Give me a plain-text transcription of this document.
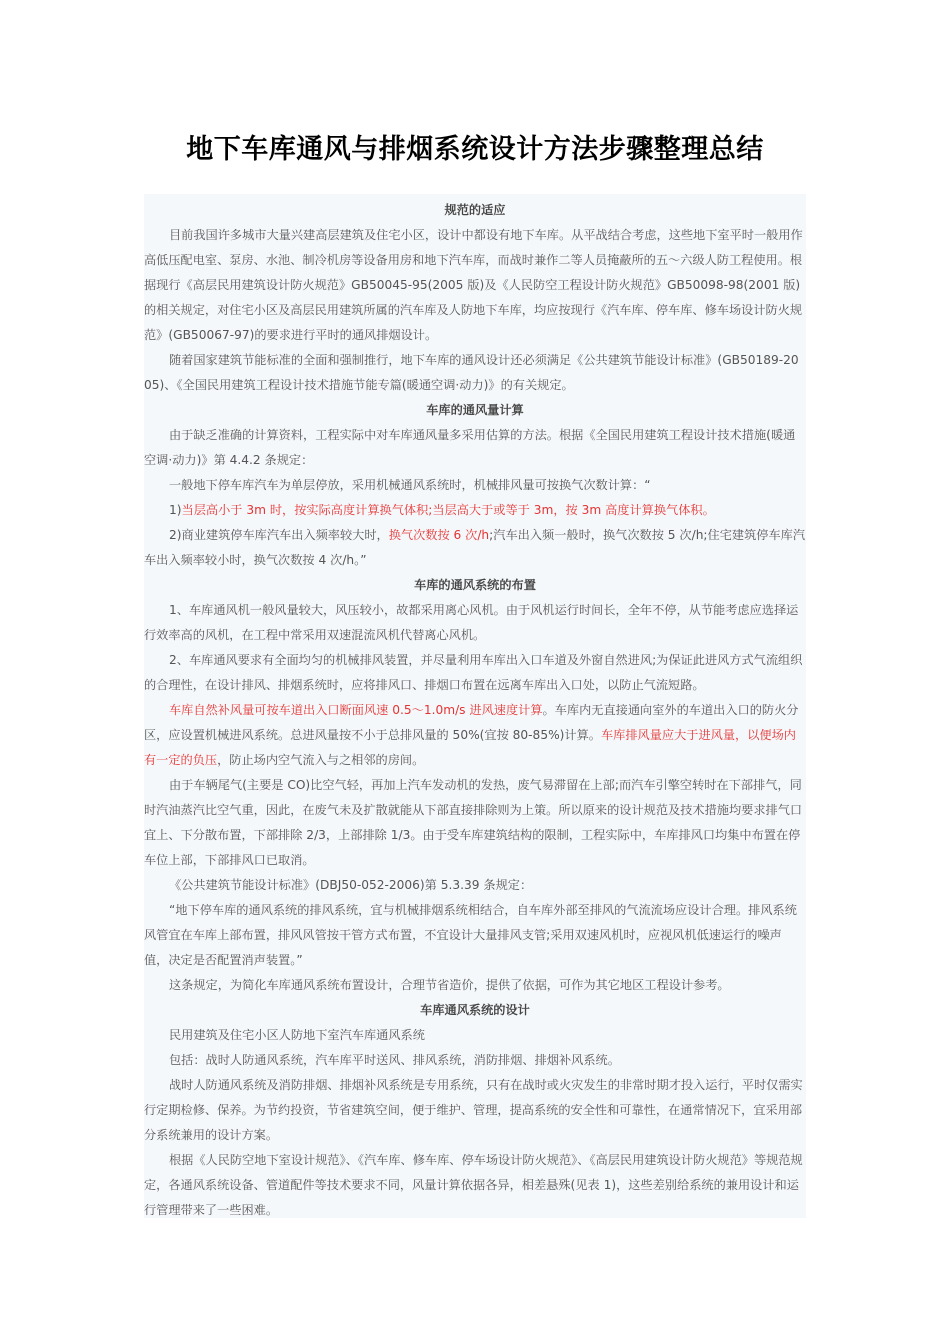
地下车库通风与排烟系统设计方法步骤整理总结
规范的适应

目前我国许多城市大量兴建高层建筑及住宅小区，设计中都设有地下车库。从平战结合考虑，这些地下室平时一般用作高低压配电室、泵房、水池、制冷机房等设备用房和地下汽车库，而战时兼作二等人员掩蔽所的五～六级人防工程使用。根据现行《高层民用建筑设计防火规范》GB50045-95(2005 版)及《人民防空工程设计防火规范》GB50098-98(2001 版)的相关规定，对住宅小区及高层民用建筑所属的汽车库及人防地下车库，均应按现行《汽车库、停车库、修车场设计防火规范》(GB50067-97)的要求进行平时的通风排烟设计。

随着国家建筑节能标准的全面和强制推行，地下车库的通风设计还必须满足《公共建筑节能设计标准》(GB50189-2005)、《全国民用建筑工程设计技术措施节能专篇(暖通空调·动力)》的有关规定。

车库的通风量计算

由于缺乏准确的计算资料，工程实际中对车库通风量多采用估算的方法。根据《全国民用建筑工程设计技术措施(暖通空调·动力)》第 4.4.2 条规定：

一般地下停车库汽车为单层停放，采用机械通风系统时，机械排风量可按换气次数计算：“

1)当层高小于 3m 时，按实际高度计算换气体积;当层高大于或等于 3m，按 3m 高度计算换气体积。

2)商业建筑停车库汽车出入频率较大时，换气次数按 6 次/h;汽车出入频一般时，换气次数按 5 次/h;住宅建筑停车库汽车出入频率较小时，换气次数按 4 次/h。”

车库的通风系统的布置

1、车库通风机一般风量较大，风压较小，故都采用离心风机。由于风机运行时间长，全年不停，从节能考虑应选择运行效率高的风机，在工程中常采用双速混流风机代替离心风机。

2、车库通风要求有全面均匀的机械排风装置，并尽量利用车库出入口车道及外窗自然进风;为保证此进风方式气流组织的合理性，在设计排风、排烟系统时，应将排风口、排烟口布置在远离车库出入口处，以防止气流短路。

车库自然补风量可按车道出入口断面风速 0.5～1.0m/s 进风速度计算。车库内无直接通向室外的车道出入口的防火分区，应设置机械进风系统。总进风量按不小于总排风量的 50%(宜按 80-85%)计算。车库排风量应大于进风量，以便场内有一定的负压，防止场内空气流入与之相邻的房间。

由于车辆尾气(主要是 CO)比空气轻，再加上汽车发动机的发热，废气易滞留在上部;而汽车引擎空转时在下部排气，同时汽油蒸汽比空气重，因此，在废气未及扩散就能从下部直接排除则为上策。所以原来的设计规范及技术措施均要求排气口宜上、下分散布置，下部排除 2/3，上部排除 1/3。由于受车库建筑结构的限制，工程实际中，车库排风口均集中布置在停车位上部，下部排风口已取消。

《公共建筑节能设计标准》(DBJ50-052-2006)第 5.3.39 条规定：

“地下停车库的通风系统的排风系统，宜与机械排烟系统相结合，自车库外部至排风的气流流场应设计合理。排风系统风管宜在车库上部布置，排风风管按干管方式布置，不宜设计大量排风支管;采用双速风机时，应视风机低速运行的噪声值，决定是否配置消声装置。”

这条规定，为简化车库通风系统布置设计，合理节省造价，提供了依据，可作为其它地区工程设计参考。

车库通风系统的设计

民用建筑及住宅小区人防地下室汽车库通风系统

包括：战时人防通风系统，汽车库平时送风、排风系统，消防排烟、排烟补风系统。

战时人防通风系统及消防排烟、排烟补风系统是专用系统，只有在战时或火灾发生的非常时期才投入运行，平时仅需实行定期检修、保养。为节约投资，节省建筑空间，便于维护、管理，提高系统的安全性和可靠性，在通常情况下，宜采用部分系统兼用的设计方案。

根据《人民防空地下室设计规范》、《汽车库、修车库、停车场设计防火规范》、《高层民用建筑设计防火规范》等规范规定，各通风系统设备、管道配件等技术要求不同，风量计算依据各异，相差悬殊(见表 1)，这些差别给系统的兼用设计和运行管理带来了一些困难。
